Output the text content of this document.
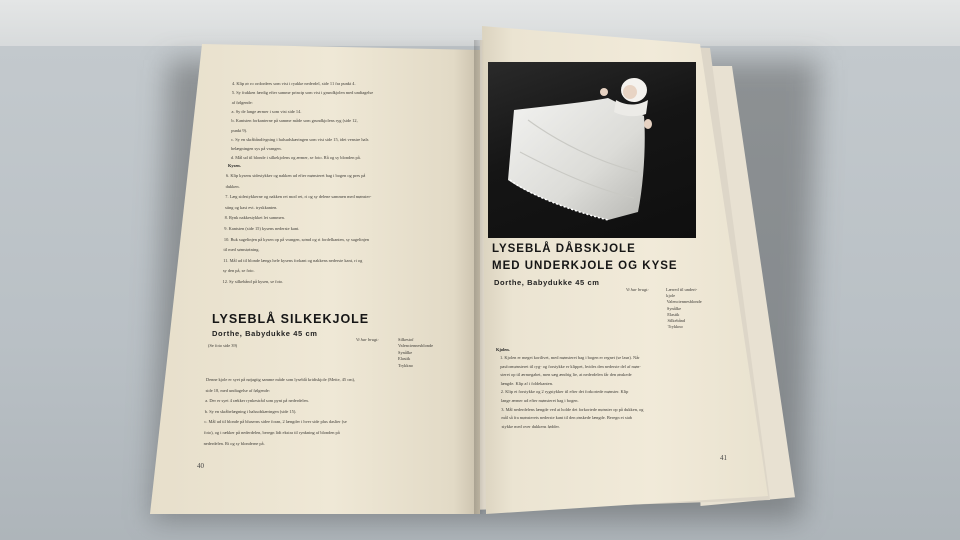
4. Klip ør ro ordordees som vist i ryakke nederdel, side 11 fra punkt 4.
5. Sy frakken færdig efter samme princip som vist i grundkjolen med undtagelse
af følgende:
a. Sy de lange ærmer i som vist side 14.
b. Kantsten forkanterne på samme måde som grundkjolens ryg (side 12,
punkt 9).
c. Sy en skråbånd/egning i halsudskæringen som vist side 15, idet venstre hals
belægningen sys på vrangen.
d. Mål ud til blonde i silkekjolens og ærmer, se foto. Rå og sy blonden på.
Kysen.
6. Klip kysens sidestykker og nakken ud efter mønsteret bag i bogen og pres på
dukken.
7. Læg sidestykkerne og nakken ret mod ret, ri og sy delene sammen med mønster-
sting og kast evt. tryskkanten.
8. Rynk nakkestykket let sammen.
9. Kantsten (side 15) kysens nederste kant.
10. Buk sugelinjen på kysen op på vrangen, sømd og ri fordelkanten, sy sugelinjen
til med sømstøtning.
11. Mål ud til blonde længs hele kysens forkant og nakkens nederste kant, ri og
sy den på, se foto.
12. Sy silkebånd på kysen, se foto.
LYSEBLÅ SILKEKJOLE
Dorthe, Babydukke 45 cm
(Se foto side 39)
Vi har brugt:	Silkestof
Valenciennesblonde
Synålke
Elastik
Trykkno
Denne kjole er syet på nøjagtig samme måde som lyseblå kridtskjole (Mette, 45 cm),
side 18, med undtagelse af følgende:
a. Der er syet 4 rækker rynkestråd som pynt på nederdelen.
b. Sy en skråbelægning i halsudskæringen (side 15).
c. Mål ud til blonde på bluserns sidee foran, 2 længder i hver side plus daslier (se
foto), og i rækker på nederdelen, beregn lidt ekstra til rynkning af blonden på
nederdelen. Ri og sy blonderne på.
40
LYSEBLÅ DÅBSKJOLE
MED UNDERKJOLE OG KYSE
Dorthe, Babydukke 45 cm
Vi har brugt:	Lærred til undert-
kjole
Valenciennesblonde
Synålke
Elastik
Silkebånd
Trykkno
Kjolen.
1. Kjolen er meget kortlivet, med mønsteret bag i bogen er regnet (se lasn). Når
pasformønsteret til ryg- og forstykke er klippet, hvides den nederste del af møn-
steret op til ærmegabet, men sæg ændrig lie, at nederdelen får den ønskede
længde. Klip af i foldekanten.
2. Klip et forstykke og 2 rygstykker til efter det forkortede mønster. Klip
lange ærmer ud efter mønsteret bag i bogen.
3. Mål nederdelens længde ved at holde det forkortede mønster op på dukken, og
mål så fra mønsterets nederste kant til den ønskede længde. Beregn et stab
stykke med over dukkens fødder.
41
